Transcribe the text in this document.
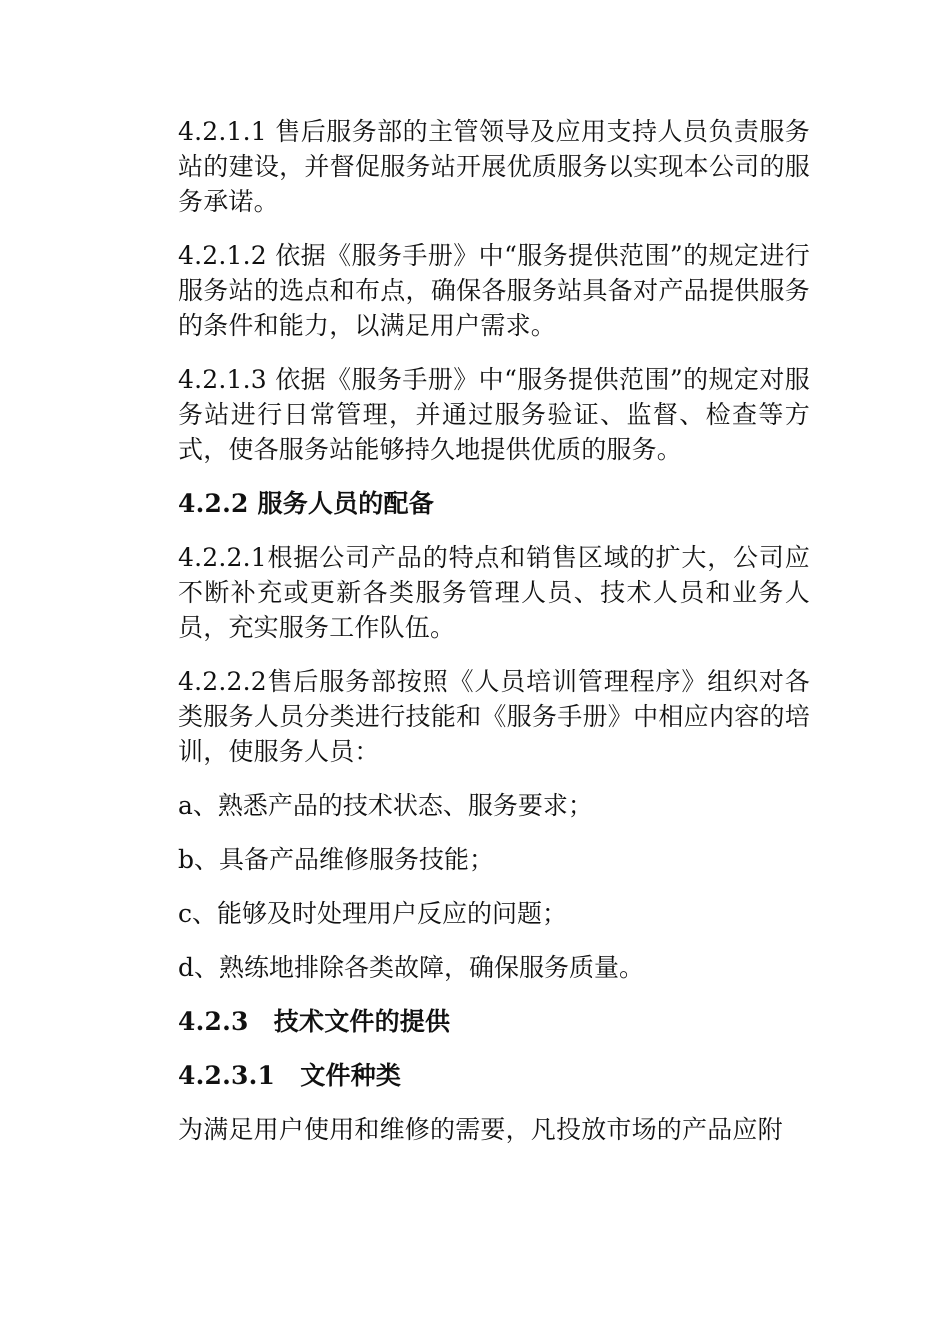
4.2.1.1 售后服务部的主管领导及应用支持人员负责服务站的建设，并督促服务站开展优质服务以实现本公司的服务承诺。

4.2.1.2 依据《服务手册》中“服务提供范围”的规定进行服务站的选点和布点，确保各服务站具备对产品提供服务的条件和能力，以满足用户需求。

4.2.1.3 依据《服务手册》中“服务提供范围”的规定对服务站进行日常管理，并通过服务验证、监督、检查等方式，使各服务站能够持久地提供优质的服务。

4.2.2 服务人员的配备

4.2.2.1根据公司产品的特点和销售区域的扩大，公司应不断补充或更新各类服务管理人员、技术人员和业务人员，充实服务工作队伍。

4.2.2.2售后服务部按照《人员培训管理程序》组织对各类服务人员分类进行技能和《服务手册》中相应内容的培训，使服务人员：

a、熟悉产品的技术状态、服务要求；

b、具备产品维修服务技能；

c、能够及时处理用户反应的问题；

d、熟练地排除各类故障，确保服务质量。

4.2.3　技术文件的提供

4.2.3.1　文件种类

为满足用户使用和维修的需要，凡投放市场的产品应附
